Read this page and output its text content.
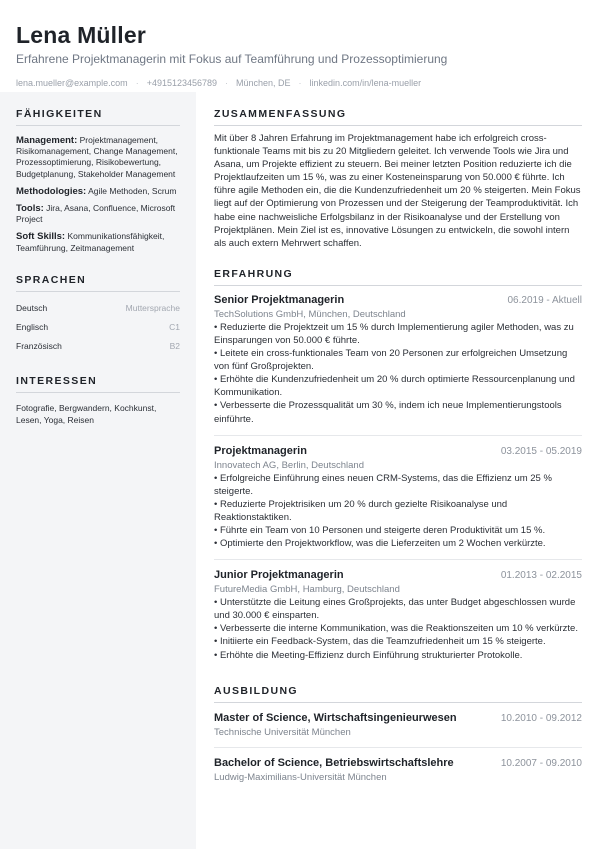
Lena Müller
Erfahrene Projektmanagerin mit Fokus auf Teamführung und Prozessoptimierung
lena.mueller@example.com · +4915123456789 · München, DE · linkedin.com/in/lena-mueller
FÄHIGKEITEN
Management: Projektmanagement, Risikomanagement, Change Management, Prozessoptimierung, Risikobewertung, Budgetplanung, Stakeholder Management
Methodologies: Agile Methoden, Scrum
Tools: Jira, Asana, Confluence, Microsoft Project
Soft Skills: Kommunikationsfähigkeit, Teamführung, Zeitmanagement
SPRACHEN
Deutsch	Muttersprache
Englisch	C1
Französisch	B2
INTERESSEN
Fotografie, Bergwandern, Kochkunst, Lesen, Yoga, Reisen
ZUSAMMENFASSUNG
Mit über 8 Jahren Erfahrung im Projektmanagement habe ich erfolgreich cross-funktionale Teams mit bis zu 20 Mitgliedern geleitet. Ich verwende Tools wie Jira und Asana, um Projekte effizient zu steuern. Bei meiner letzten Position reduzierte ich die Projektlaufzeiten um 15 %, was zu einer Kosteneinsparung von 50.000 € führte. Ich führe agile Methoden ein, die die Kundenzufriedenheit um 20 % steigerten. Mein Fokus liegt auf der Optimierung von Prozessen und der Steigerung der Teamproduktivität. Ich habe eine nachweisliche Erfolgsbilanz in der Risikoanalyse und der Erstellung von Projektplänen. Mein Ziel ist es, innovative Lösungen zu entwickeln, die sowohl intern als auch extern Mehrwert schaffen.
ERFAHRUNG
Senior Projektmanagerin	06.2019 - Aktuell
TechSolutions GmbH, München, Deutschland
• Reduzierte die Projektzeit um 15 % durch Implementierung agiler Methoden, was zu Einsparungen von 50.000 € führte.
• Leitete ein cross-funktionales Team von 20 Personen zur erfolgreichen Umsetzung von fünf Großprojekten.
• Erhöhte die Kundenzufriedenheit um 20 % durch optimierte Ressourcenplanung und Kommunikation.
• Verbesserte die Prozessqualität um 30 %, indem ich neue Implementierungstools einführte.
Projektmanagerin	03.2015 - 05.2019
Innovatech AG, Berlin, Deutschland
• Erfolgreiche Einführung eines neuen CRM-Systems, das die Effizienz um 25 % steigerte.
• Reduzierte Projektrisiken um 20 % durch gezielte Risikoanalyse und Reaktionstaktiken.
• Führte ein Team von 10 Personen und steigerte deren Produktivität um 15 %.
• Optimierte den Projektworkflow, was die Lieferzeiten um 2 Wochen verkürzte.
Junior Projektmanagerin	01.2013 - 02.2015
FutureMedia GmbH, Hamburg, Deutschland
• Unterstützte die Leitung eines Großprojekts, das unter Budget abgeschlossen wurde und 30.000 € einsparten.
• Verbesserte die interne Kommunikation, was die Reaktionszeiten um 10 % verkürzte.
• Initiierte ein Feedback-System, das die Teamzufriedenheit um 15 % steigerte.
• Erhöhte die Meeting-Effizienz durch Einführung strukturierter Protokolle.
AUSBILDUNG
Master of Science, Wirtschaftsingenieurwesen	10.2010 - 09.2012
Technische Universität München
Bachelor of Science, Betriebswirtschaftslehre	10.2007 - 09.2010
Ludwig-Maximilians-Universität München
